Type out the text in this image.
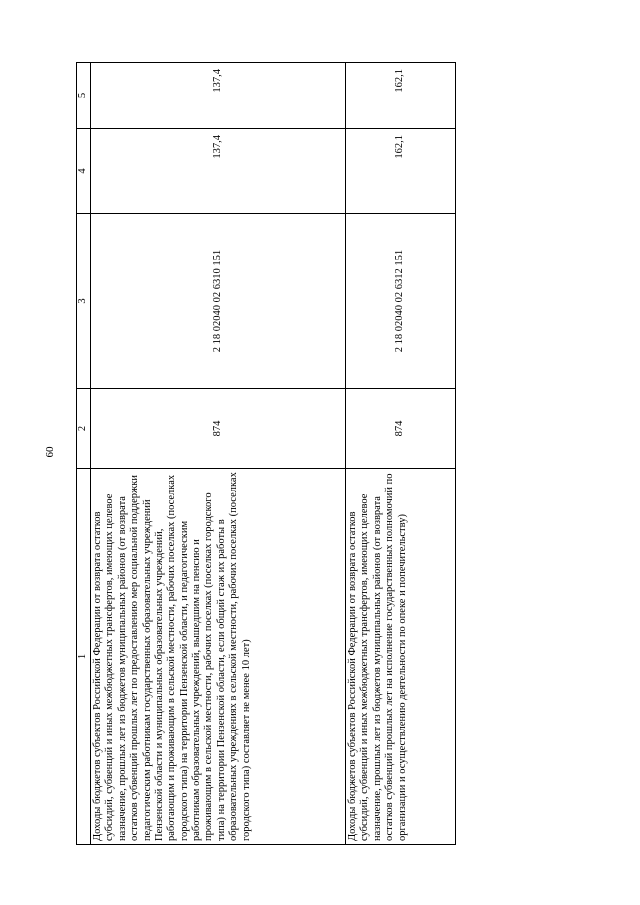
60
1	2	3	4	5
Доходы бюджетов субъектов Российской Федерации от возврата остатков субсидий, субвенций и иных межбюджетных трансфертов, имеющих целевое назначение, прошлых лет из бюджетов муниципальных районов (от возврата остатков субвенций прошлых лет по предоставлению мер социальной поддержки педагогическим работникам государственных образовательных учреждений Пензенской области и муниципальных образовательных учреждений, работающим и проживающим в сельской местности, рабочих поселках (поселках городского типа) на территории Пензенской области, и педагогическим работникам образовательных учреждений, вышедшим на пенсию и проживающим в сельской местности, рабочих поселках (поселках городского типа) на территории Пензенской области, если общий стаж их работы в образовательных учреждениях в сельской местности, рабочих поселках (поселках городского типа) составляет не менее 10 лет)	874	2 18 02040 02 6310 151	137,4	137,4
Доходы бюджетов субъектов Российской Федерации от возврата остатков субсидий, субвенций и иных межбюджетных трансфертов, имеющих целевое назначение, прошлых лет из бюджетов муниципальных районов (от возврата остатков субвенций прошлых лет на исполнение государственных полномочий по организации и осуществлению деятельности по опеке и попечительству)	874	2 18 02040 02 6312 151	162,1	162,1
